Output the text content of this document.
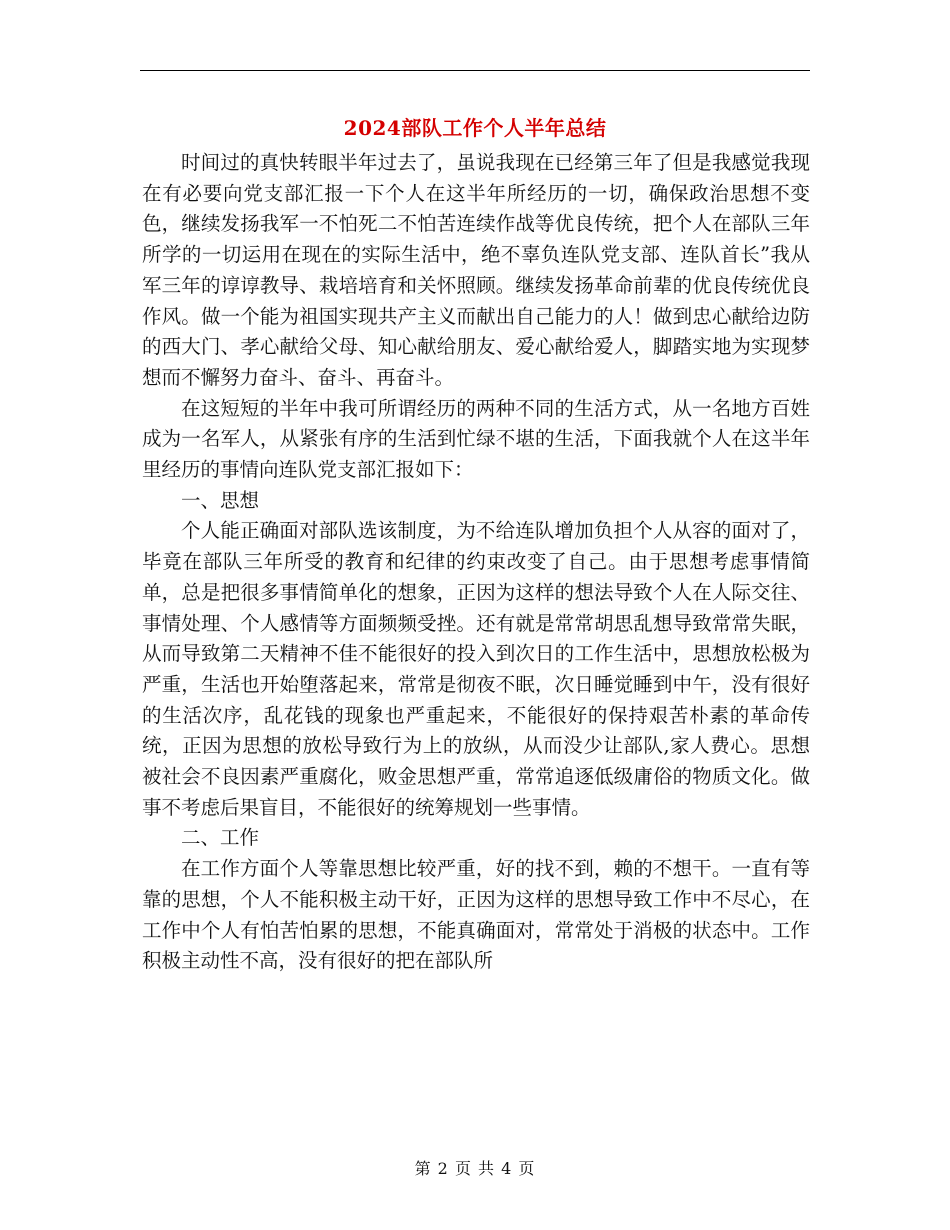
2024部队工作个人半年总结

时间过的真快转眼半年过去了，虽说我现在已经第三年了但是我感觉我现在有必要向党支部汇报一下个人在这半年所经历的一切，确保政治思想不变色，继续发扬我军一不怕死二不怕苦连续作战等优良传统，把个人在部队三年所学的一切运用在现在的实际生活中，绝不辜负连队党支部、连队首长”我从军三年的谆谆教导、栽培培育和关怀照顾。继续发扬革命前辈的优良传统优良作风。做一个能为祖国实现共产主义而献出自己能力的人！做到忠心献给边防的西大门、孝心献给父母、知心献给朋友、爱心献给爱人，脚踏实地为实现梦想而不懈努力奋斗、奋斗、再奋斗。

在这短短的半年中我可所谓经历的两种不同的生活方式，从一名地方百姓成为一名军人，从紧张有序的生活到忙绿不堪的生活，下面我就个人在这半年里经历的事情向连队党支部汇报如下：

一、思想

个人能正确面对部队选该制度，为不给连队增加负担个人从容的面对了，毕竟在部队三年所受的教育和纪律的约束改变了自己。由于思想考虑事情简单，总是把很多事情简单化的想象，正因为这样的想法导致个人在人际交往、事情处理、个人感情等方面频频受挫。还有就是常常胡思乱想导致常常失眠，从而导致第二天精神不佳不能很好的投入到次日的工作生活中，思想放松极为严重，生活也开始堕落起来，常常是彻夜不眠，次日睡觉睡到中午，没有很好的生活次序，乱花钱的现象也严重起来，不能很好的保持艰苦朴素的革命传统，正因为思想的放松导致行为上的放纵，从而没少让部队,家人费心。思想被社会不良因素严重腐化，败金思想严重，常常追逐低级庸俗的物质文化。做事不考虑后果盲目，不能很好的统筹规划一些事情。

二、工作

在工作方面个人等靠思想比较严重，好的找不到，赖的不想干。一直有等靠的思想，个人不能积极主动干好，正因为这样的思想导致工作中不尽心，在工作中个人有怕苦怕累的思想，不能真确面对，常常处于消极的状态中。工作积极主动性不高，没有很好的把在部队所

第 2 页 共 4 页
